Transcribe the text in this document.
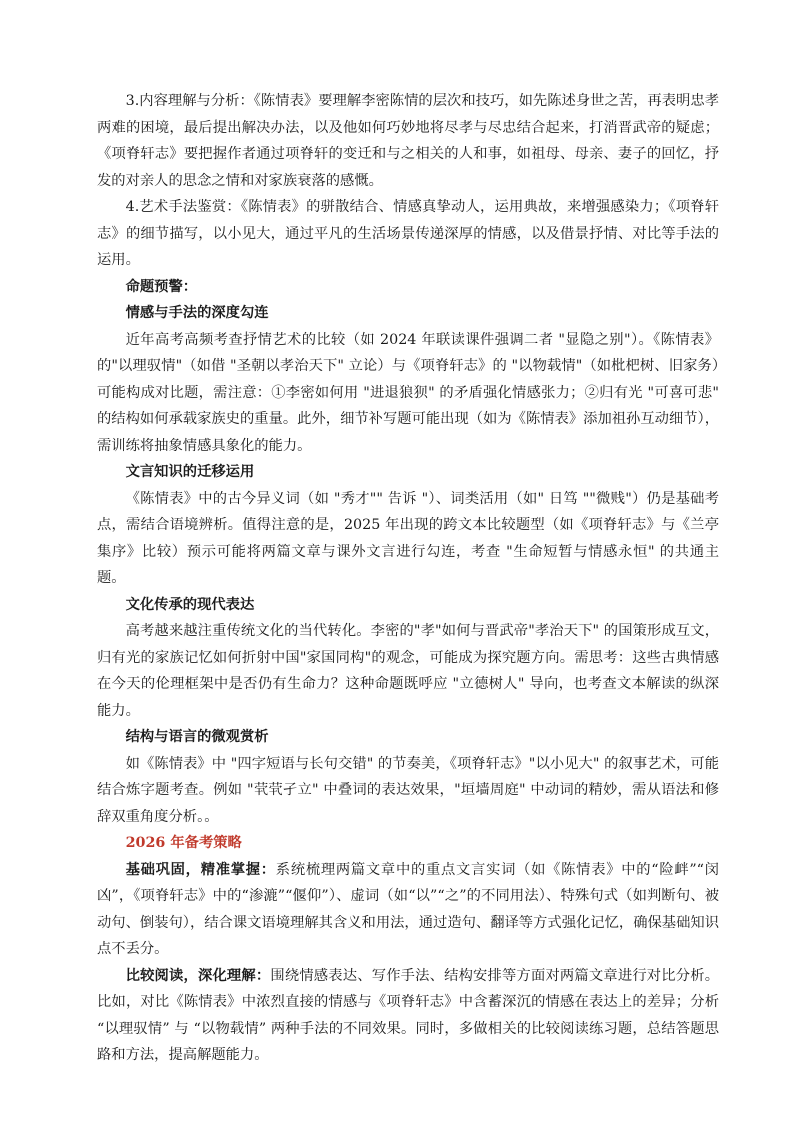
3.内容理解与分析：《陈情表》要理解李密陈情的层次和技巧，如先陈述身世之苦，再表明忠孝两难的困境，最后提出解决办法，以及他如何巧妙地将尽孝与尽忠结合起来，打消晋武帝的疑虑；《项脊轩志》要把握作者通过项脊轩的变迁和与之相关的人和事，如祖母、母亲、妻子的回忆，抒发的对亲人的思念之情和对家族衰落的感慨。

4.艺术手法鉴赏：《陈情表》的骈散结合、情感真挚动人，运用典故，来增强感染力；《项脊轩志》的细节描写，以小见大，通过平凡的生活场景传递深厚的情感，以及借景抒情、对比等手法的运用。

命题预警：

情感与手法的深度勾连

近年高考高频考查抒情艺术的比较（如 2024 年联读课件强调二者 "显隐之别"）。《陈情表》的"以理驭情"（如借 "圣朝以孝治天下" 立论）与《项脊轩志》的 "以物载情"（如枇杷树、旧家务）可能构成对比题，需注意：①李密如何用 "进退狼狈" 的矛盾强化情感张力；②归有光 "可喜可悲" 的结构如何承载家族史的重量。此外，细节补写题可能出现（如为《陈情表》添加祖孙互动细节），需训练将抽象情感具象化的能力。

文言知识的迁移运用

《陈情表》中的古今异义词（如 "秀才"" 告诉 "）、词类活用（如" 日笃 ""微贱"）仍是基础考点，需结合语境辨析。值得注意的是，2025 年出现的跨文本比较题型（如《项脊轩志》与《兰亭集序》比较）预示可能将两篇文章与课外文言进行勾连，考查 "生命短暂与情感永恒" 的共通主题。

文化传承的现代表达

高考越来越注重传统文化的当代转化。李密的"孝"如何与晋武帝"孝治天下" 的国策形成互文，归有光的家族记忆如何折射中国"家国同构"的观念，可能成为探究题方向。需思考：这些古典情感在今天的伦理框架中是否仍有生命力？这种命题既呼应 "立德树人" 导向，也考查文本解读的纵深能力。

结构与语言的微观赏析

如《陈情表》中 "四字短语与长句交错" 的节奏美，《项脊轩志》"以小见大" 的叙事艺术，可能结合炼字题考查。例如 "茕茕孑立" 中叠词的表达效果，"垣墙周庭" 中动词的精妙，需从语法和修辞双重角度分析。。

2026 年备考策略

基础巩固，精准掌握：系统梳理两篇文章中的重点文言实词（如《陈情表》中的“险衅”“闵凶”，《项脊轩志》中的“渗漉”“偃仰”）、虚词（如“以”“之”的不同用法）、特殊句式（如判断句、被动句、倒装句），结合课文语境理解其含义和用法，通过造句、翻译等方式强化记忆，确保基础知识点不丢分。

比较阅读，深化理解：围绕情感表达、写作手法、结构安排等方面对两篇文章进行对比分析。比如，对比《陈情表》中浓烈直接的情感与《项脊轩志》中含蓄深沉的情感在表达上的差异；分析 “以理驭情” 与 “以物载情” 两种手法的不同效果。同时，多做相关的比较阅读练习题，总结答题思路和方法，提高解题能力。
